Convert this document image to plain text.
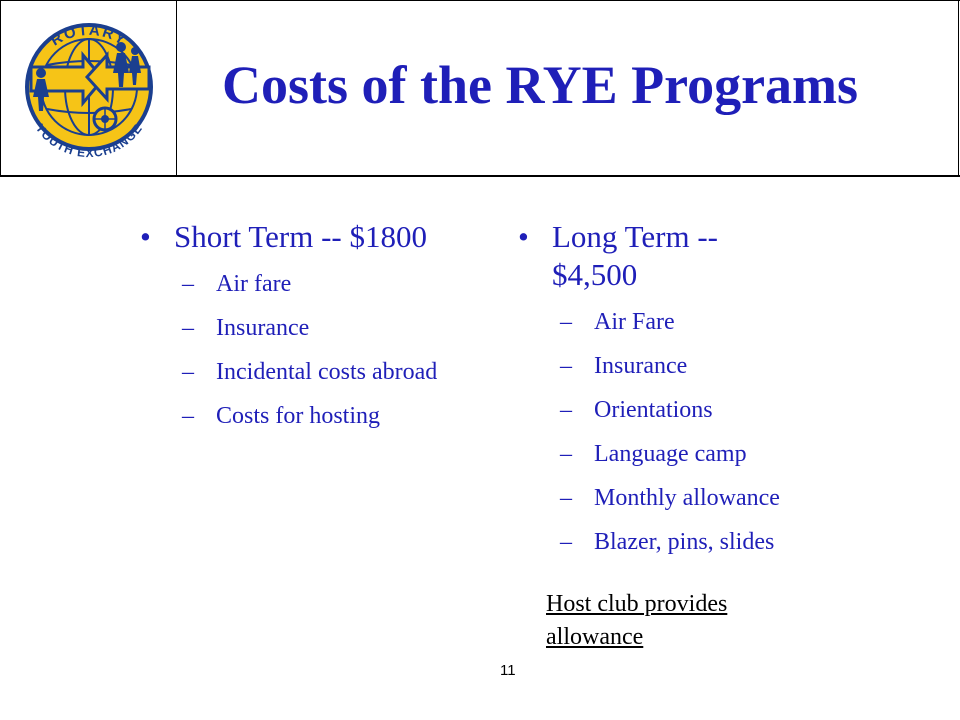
ROTARY
YOUTH EXCHANGE
Costs of the RYE Programs
• Short Term -- $1800
– Air fare
– Insurance
– Incidental costs abroad
– Costs for hosting
• Long Term -- $4,500
– Air Fare
– Insurance
– Orientations
– Language camp
– Monthly allowance
– Blazer, pins, slides

Host club provides allowance

11
